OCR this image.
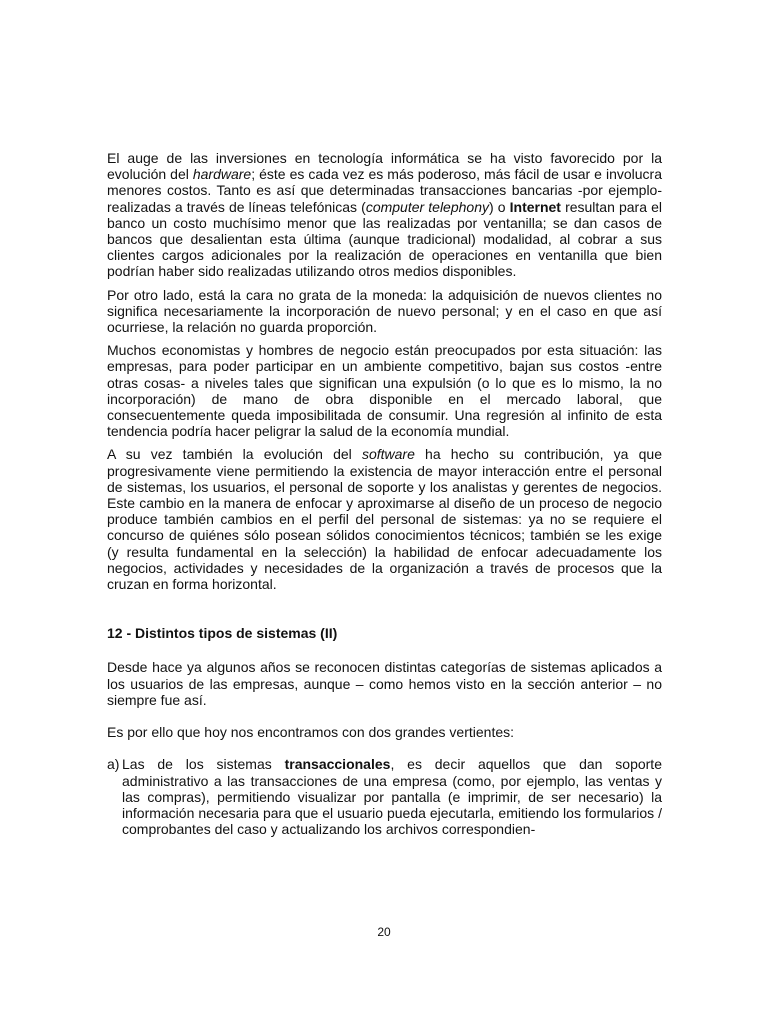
El auge de las inversiones en tecnología informática se ha visto favorecido por la evolución del hardware; éste es cada vez es más poderoso, más fácil de usar e involucra menores costos. Tanto es así que determinadas transacciones bancarias -por ejemplo- realizadas a través de líneas telefónicas (computer telephony) o Internet resultan para el banco un costo muchísimo menor que las realizadas por ventanilla; se dan casos de bancos que desalientan esta última (aunque tradicional) modalidad, al cobrar a sus clientes cargos adicionales por la realización de operaciones en ventanilla que bien podrían haber sido realizadas utilizando otros medios disponibles.

Por otro lado, está la cara no grata de la moneda: la adquisición de nuevos clientes no significa necesariamente la incorporación de nuevo personal; y en el caso en que así ocurriese, la relación no guarda proporción.

Muchos economistas y hombres de negocio están preocupados por esta situación: las empresas, para poder participar en un ambiente competitivo, bajan sus costos -entre otras cosas- a niveles tales que significan una expulsión (o lo que es lo mismo, la no incorporación) de mano de obra disponible en el mercado laboral, que consecuentemente queda imposibilitada de consumir. Una regresión al infinito de esta tendencia podría hacer peligrar la salud de la economía mundial.

A su vez también la evolución del software ha hecho su contribución, ya que progresivamente viene permitiendo la existencia de mayor interacción entre el personal de sistemas, los usuarios, el personal de soporte y los analistas y gerentes de negocios. Este cambio en la manera de enfocar y aproximarse al diseño de un proceso de negocio produce también cambios en el perfil del personal de sistemas: ya no se requiere el concurso de quiénes sólo posean sólidos conocimientos técnicos; también se les exige (y resulta fundamental en la selección) la habilidad de enfocar adecuadamente los negocios, actividades y necesidades de la organización a través de procesos que la cruzan en forma horizontal.

12 - Distintos tipos de sistemas (II)

Desde hace ya algunos años se reconocen distintas categorías de sistemas aplicados a los usuarios de las empresas, aunque – como hemos visto en la sección anterior – no siempre fue así.

Es por ello que hoy nos encontramos con dos grandes vertientes:

a) Las de los sistemas transaccionales, es decir aquellos que dan soporte administrativo a las transacciones de una empresa (como, por ejemplo, las ventas y las compras), permitiendo visualizar por pantalla (e imprimir, de ser necesario) la información necesaria para que el usuario pueda ejecutarla, emitiendo los formularios / comprobantes del caso y actualizando los archivos correspondien-
20
